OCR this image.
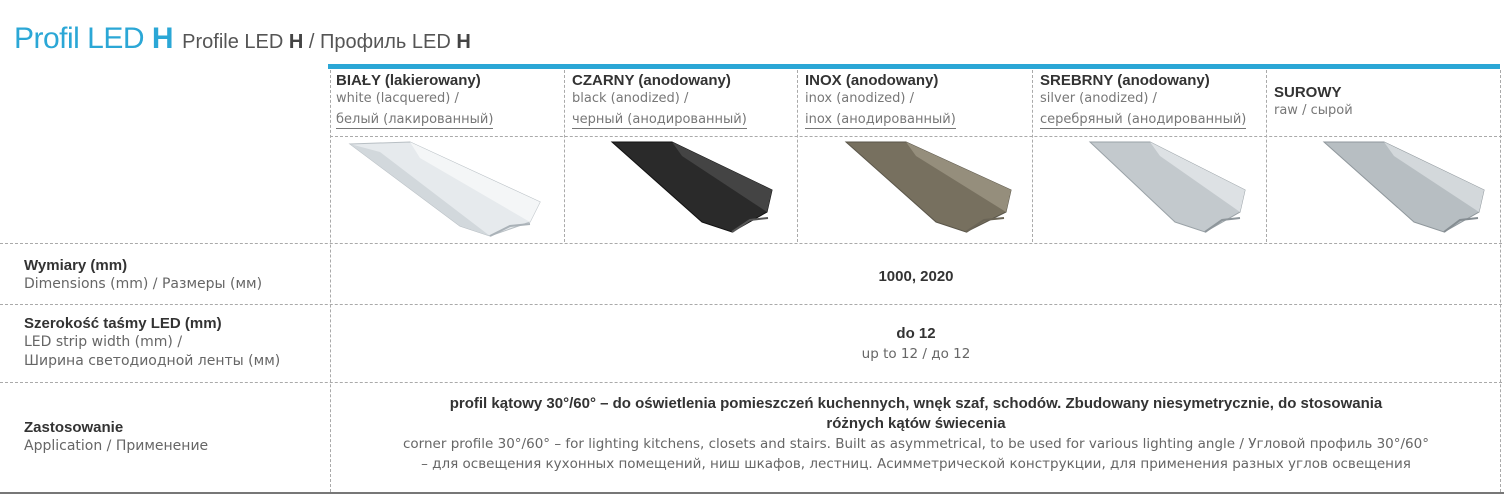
Profil LED H Profile LED H / Профиль LED H
BIAŁY (lakierowany)
white (lacquered) /
белый (лакированный)
CZARNY (anodowany)
black (anodized) /
черный (анодированный)
INOX (anodowany)
inox (anodized) /
inox (анодированный)
SREBRNY (anodowany)
silver (anodized) /
серебряный (анодированный)
SUROWY
raw / сырой
Wymiary (mm)
Dimensions (mm) / Размеры (мм)	1000, 2020
Szerokość taśmy LED (mm)
LED strip width (mm) /
Ширина светодиодной ленты (мм)
do 12
up to 12 / до 12
Zastosowanie
Application / Применение
profil kątowy 30°/60° – do oświetlenia pomieszczeń kuchennych, wnęk szaf, schodów. Zbudowany niesymetrycznie, do stosowania
różnych kątów świecenia
corner profile 30°/60° – for lighting kitchens, closets and stairs. Built as asymmetrical, to be used for various lighting angle / Угловой профиль 30°/60°
– для освещения кухонных помещений, ниш шкафов, лестниц. Асимметрической конструкции, для применения разных углов освещения
